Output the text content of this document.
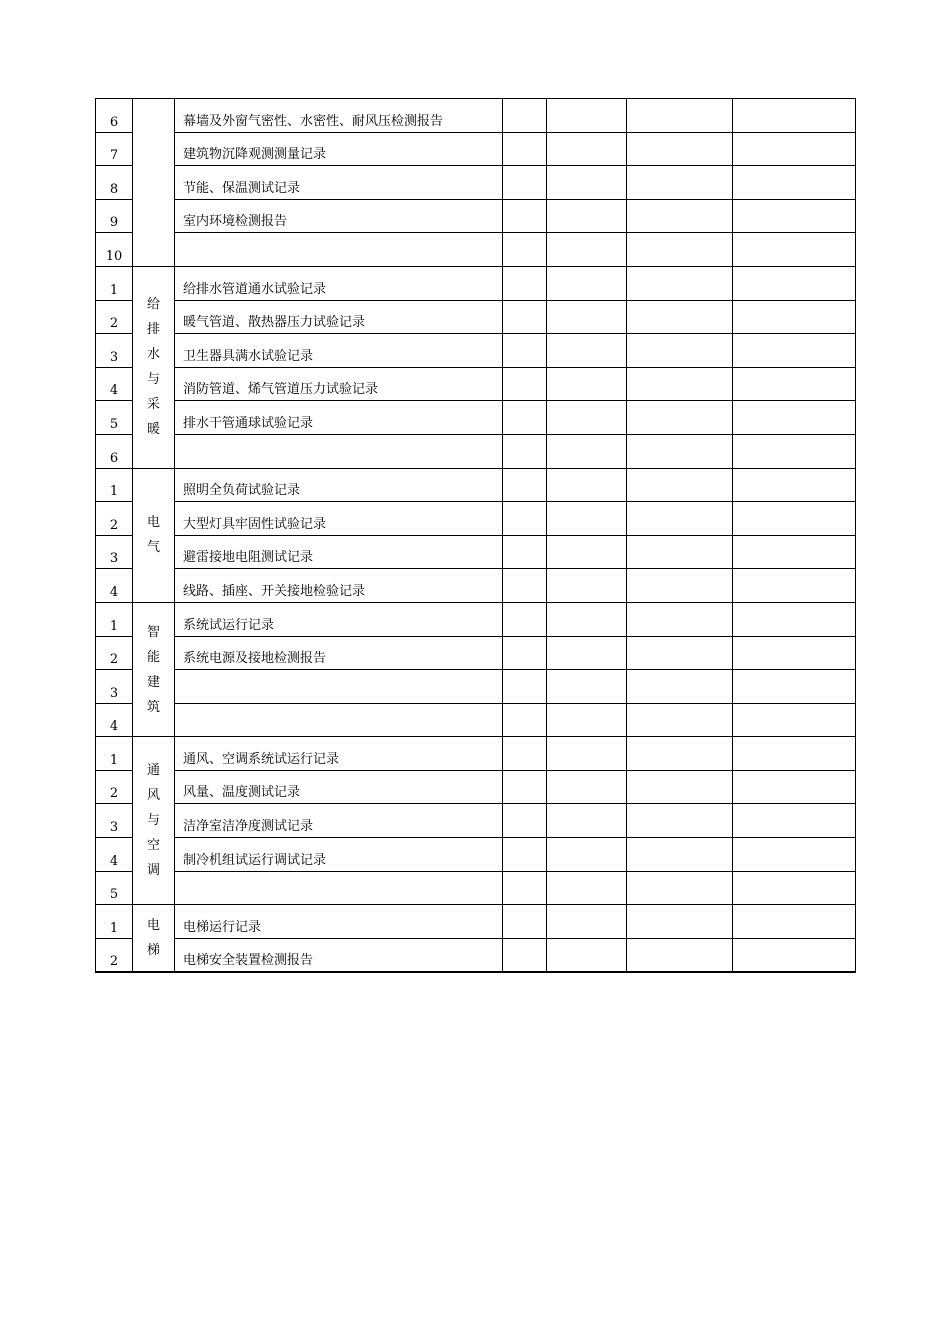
6		幕墙及外窗气密性、水密性、耐风压检测报告				
7		建筑物沉降观测测量记录				
8		节能、保温测试记录				
9		室内环境检测报告				
10						
1	给排水与采暖	给排水管道通水试验记录				
2		暖气管道、散热器压力试验记录				
3		卫生器具满水试验记录				
4		消防管道、烯气管道压力试验记录				
5		排水干管通球试验记录				
6						
1	电气	照明全负荷试验记录				
2		大型灯具牢固性试验记录				
3		避雷接地电阻测试记录				
4		线路、插座、开关接地检验记录				
1	智能建筑	系统试运行记录				
2		系统电源及接地检测报告				
3						
4						
1	通风与空调	通风、空调系统试运行记录				
2		风量、温度测试记录				
3		洁净室洁净度测试记录				
4		制冷机组试运行调试记录				
5						
1	电梯	电梯运行记录				
2		电梯安全装置检测报告				
